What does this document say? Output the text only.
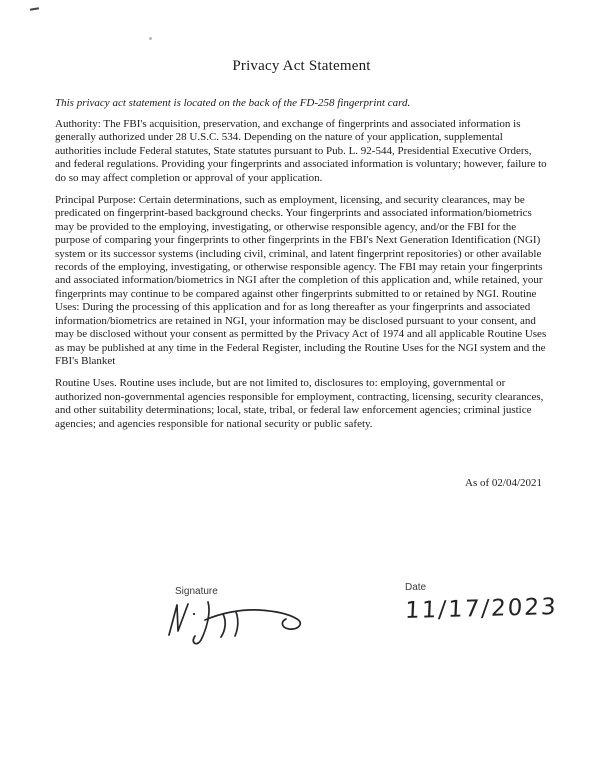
Privacy Act Statement

This privacy act statement is located on the back of the FD-258 fingerprint card.

Authority: The FBI's acquisition, preservation, and exchange of fingerprints and associated information is generally authorized under 28 U.S.C. 534. Depending on the nature of your application, supplemental authorities include Federal statutes, State statutes pursuant to Pub. L. 92-544, Presidential Executive Orders, and federal regulations. Providing your fingerprints and associated information is voluntary; however, failure to do so may affect completion or approval of your application.

Principal Purpose: Certain determinations, such as employment, licensing, and security clearances, may be predicated on fingerprint-based background checks. Your fingerprints and associated information/biometrics may be provided to the employing, investigating, or otherwise responsible agency, and/or the FBI for the purpose of comparing your fingerprints to other fingerprints in the FBI's Next Generation Identification (NGI) system or its successor systems (including civil, criminal, and latent fingerprint repositories) or other available records of the employing, investigating, or otherwise responsible agency. The FBI may retain your fingerprints and associated information/biometrics in NGI after the completion of this application and, while retained, your fingerprints may continue to be compared against other fingerprints submitted to or retained by NGI. Routine Uses: During the processing of this application and for as long thereafter as your fingerprints and associated information/biometrics are retained in NGI, your information may be disclosed pursuant to your consent, and may be disclosed without your consent as permitted by the Privacy Act of 1974 and all applicable Routine Uses as may be published at any time in the Federal Register, including the Routine Uses for the NGI system and the FBI's Blanket

Routine Uses. Routine uses include, but are not limited to, disclosures to: employing, governmental or authorized non-governmental agencies responsible for employment, contracting, licensing, security clearances, and other suitability determinations; local, state, tribal, or federal law enforcement agencies; criminal justice agencies; and agencies responsible for national security or public safety.

As of 02/04/2021

Signature	Date
11/17/2023
